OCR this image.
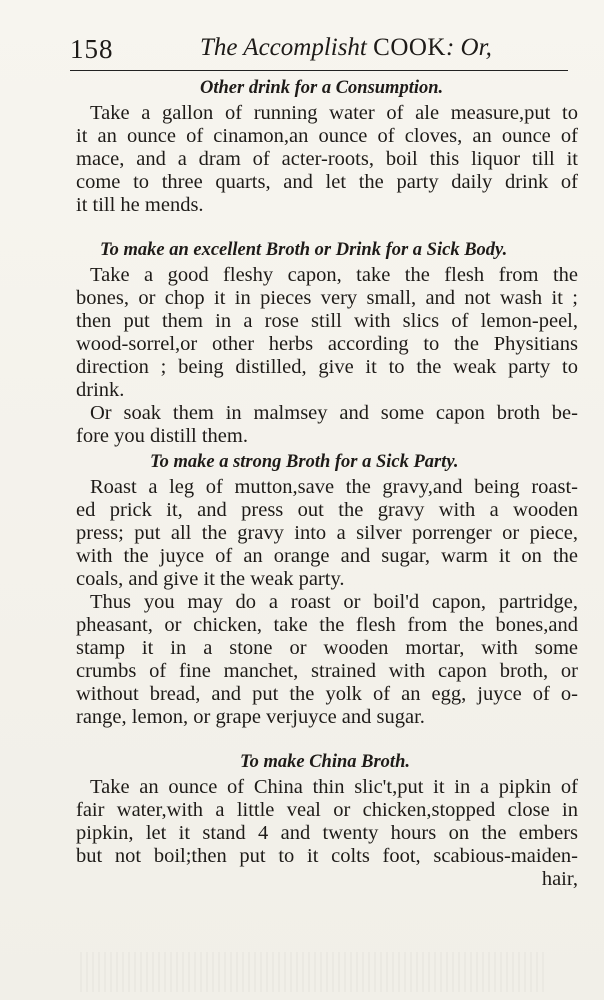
158	The Accomplisht COOK: Or,
Other drink for a Consumption.
Take a gallon of running water of ale measure,put to
it an ounce of cinamon,an ounce of cloves, an ounce of
mace, and a dram of acter-roots, boil this liquor till it
come to three quarts, and let the party daily drink of
it till he mends.
To make an excellent Broth or Drink for a Sick Body.
Take a good fleshy capon, take the flesh from the
bones, or chop it in pieces very small, and not wash it ;
then put them in a rose still with slics of lemon-peel,
wood-sorrel,or other herbs according to the Physitians
direction ; being distilled, give it to the weak party to
drink.
Or soak them in malmsey and some capon broth be-
fore you distill them.
To make a strong Broth for a Sick Party.
Roast a leg of mutton,save the gravy,and being roast-
ed prick it, and press out the gravy with a wooden
press; put all the gravy into a silver porrenger or piece,
with the juyce of an orange and sugar, warm it on the
coals, and give it the weak party.
Thus you may do a roast or boil'd capon, partridge,
pheasant, or chicken, take the flesh from the bones,and
stamp it in a stone or wooden mortar, with some
crumbs of fine manchet, strained with capon broth, or
without bread, and put the yolk of an egg, juyce of o-
range, lemon, or grape verjuyce and sugar.
To make China Broth.
Take an ounce of China thin slic't,put it in a pipkin of
fair water,with a little veal or chicken,stopped close in
pipkin, let it stand 4 and twenty hours on the embers
but not boil;then put to it colts foot, scabious-maiden-
hair,
